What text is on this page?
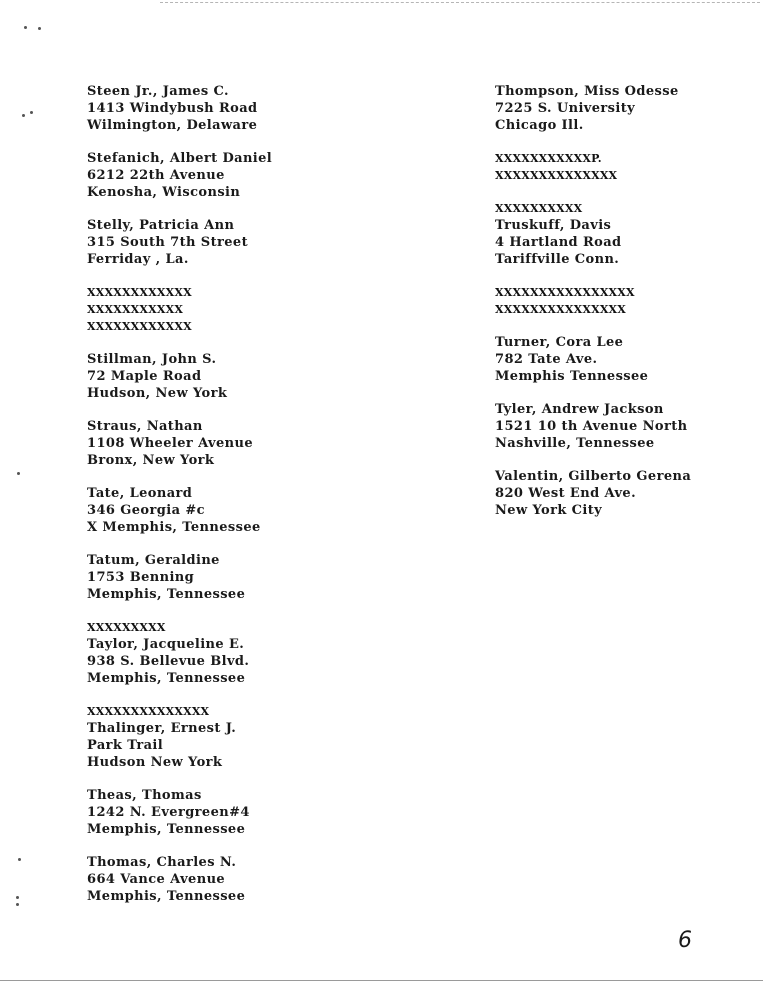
Steen Jr., James C.
1413 Windybush Road
Wilmington, Delaware
Stefanich, Albert Daniel
6212 22th Avenue
Kenosha, Wisconsin
Stelly, Patricia Ann
315 South 7th Street
Ferriday , La.
XXXXXXXXXXXX
XXXXXXXXXXX
XXXXXXXXXXXX
Stillman, John S.
72 Maple Road
Hudson, New York
Straus, Nathan
1108 Wheeler Avenue
Bronx, New York
Tate, Leonard
346 Georgia #c
X Memphis, Tennessee
Tatum, Geraldine
1753 Benning
Memphis, Tennessee
XXXXXXXXX
Taylor, Jacqueline E.
938 S. Bellevue Blvd.
Memphis, Tennessee
XXXXXXXXXXXXXX
Thalinger, Ernest J.
Park Trail
Hudson New York
Theas, Thomas
1242 N. Evergreen#4
Memphis, Tennessee
Thomas, Charles N.
664 Vance Avenue
Memphis, Tennessee
Thompson, Miss Odesse
7225 S. University
Chicago Ill.
XXXXXXXXXXXP.
XXXXXXXXXXXXXX
XXXXXXXXXX
Truskuff, Davis
4 Hartland Road
Tariffville Conn.
XXXXXXXXXXXXXXXX
XXXXXXXXXXXXXXX
Turner, Cora Lee
782 Tate Ave.
Memphis Tennessee
Tyler, Andrew Jackson
1521 10 th Avenue North
Nashville, Tennessee
Valentin, Gilberto Gerena
820 West End Ave.
New York City
6
